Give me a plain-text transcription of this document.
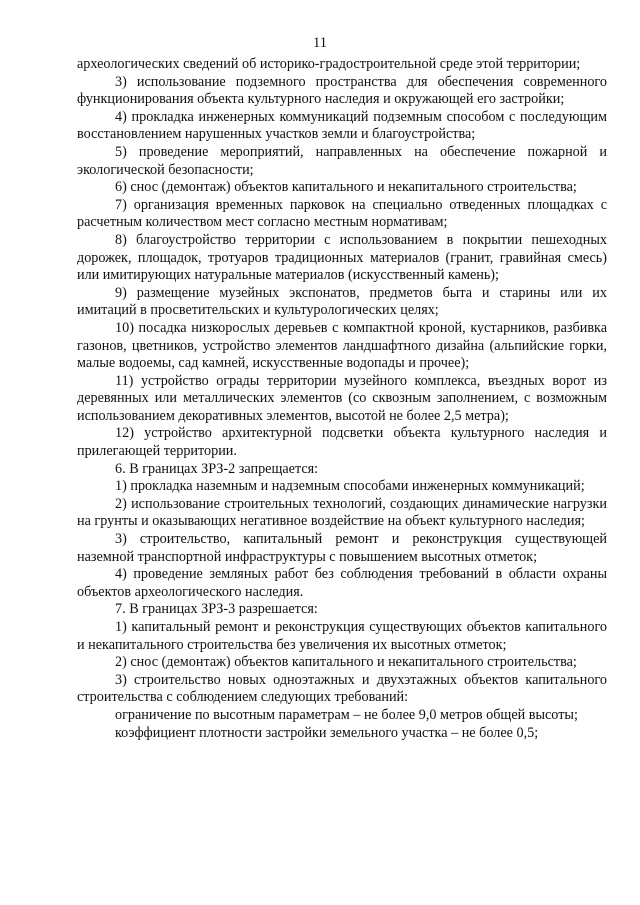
11

археологических сведений об историко-градостроительной среде этой территории;

3) использование подземного пространства для обеспечения современного функционирования объекта культурного наследия и окружающей его застройки;

4) прокладка инженерных коммуникаций подземным способом с последующим восстановлением нарушенных участков земли и благоустройства;

5) проведение мероприятий, направленных на обеспечение пожарной и экологической безопасности;

6) снос (демонтаж) объектов капитального и некапитального строительства;

7) организация временных парковок на специально отведенных площадках с расчетным количеством мест согласно местным нормативам;

8) благоустройство территории с использованием в покрытии пешеходных дорожек, площадок, тротуаров традиционных материалов (гранит, гравийная смесь) или имитирующих натуральные материалов (искусственный камень);

9) размещение музейных экспонатов, предметов быта и старины или их имитаций в просветительских и культурологических целях;

10) посадка низкорослых деревьев с компактной кроной, кустарников, разбивка газонов, цветников, устройство элементов ландшафтного дизайна (альпийские горки, малые водоемы, сад камней, искусственные водопады и прочее);

11) устройство ограды территории музейного комплекса, въездных ворот из деревянных или металлических элементов (со сквозным заполнением, с возможным использованием декоративных элементов, высотой не более 2,5 метра);

12) устройство архитектурной подсветки объекта культурного наследия и прилегающей территории.

6. В границах ЗРЗ-2 запрещается:

1) прокладка наземным и надземным способами инженерных коммуникаций;

2) использование строительных технологий, создающих динамические нагрузки на грунты и оказывающих негативное воздействие на объект культурного наследия;

3) строительство, капитальный ремонт и реконструкция существующей наземной транспортной инфраструктуры с повышением высотных отметок;

4) проведение земляных работ без соблюдения требований в области охраны объектов археологического наследия.

7. В границах ЗРЗ-3 разрешается:

1) капитальный ремонт и реконструкция существующих объектов капитального и некапитального строительства без увеличения их высотных отметок;

2) снос (демонтаж) объектов капитального и некапитального строительства;

3) строительство новых одноэтажных и двухэтажных объектов капитального строительства с соблюдением следующих требований:

ограничение по высотным параметрам – не более 9,0 метров общей высоты;

коэффициент плотности застройки земельного участка – не более 0,5;
